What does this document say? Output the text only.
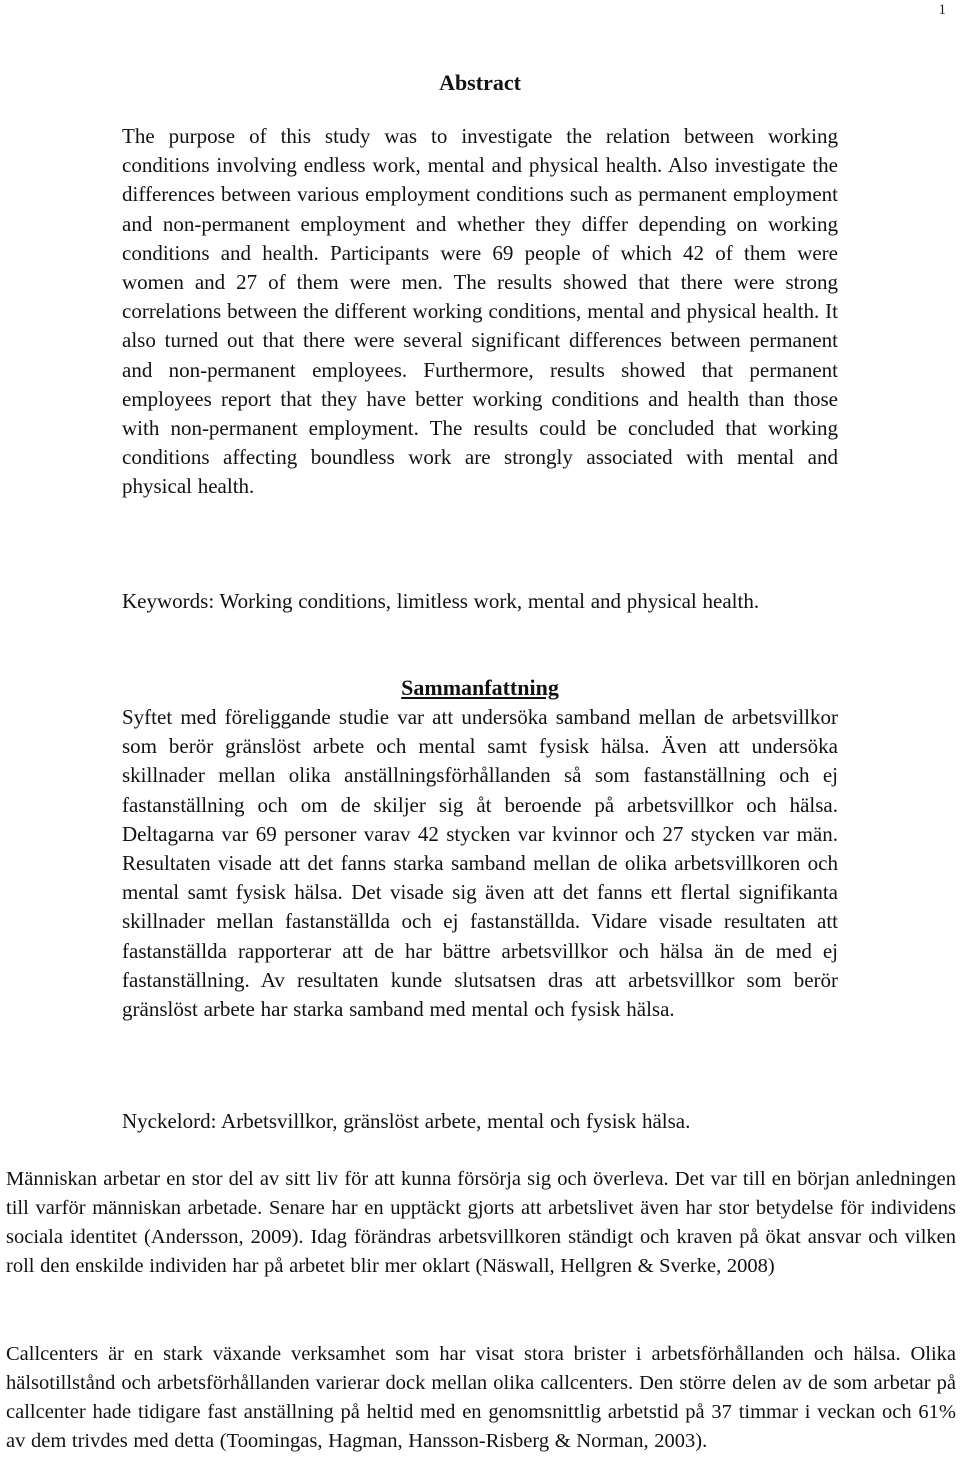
1
Abstract

The purpose of this study was to investigate the relation between working conditions involving endless work, mental and physical health. Also investigate the differences between various employment conditions such as permanent employment and non-permanent employment and whether they differ depending on working conditions and health. Participants were 69 people of which 42 of them were women and 27 of them were men. The results showed that there were strong correlations between the different working conditions, mental and physical health. It also turned out that there were several significant differences between permanent and non-permanent employees. Furthermore, results showed that permanent employees report that they have better working conditions and health than those with non-permanent employment. The results could be concluded that working conditions affecting boundless work are strongly associated with mental and physical health.

Keywords: Working conditions, limitless work, mental and physical health.

Sammanfattning

Syftet med föreliggande studie var att undersöka samband mellan de arbetsvillkor som berör gränslöst arbete och mental samt fysisk hälsa. Även att undersöka skillnader mellan olika anställningsförhållanden så som fastanställning och ej fastanställning och om de skiljer sig åt beroende på arbetsvillkor och hälsa. Deltagarna var 69 personer varav 42 stycken var kvinnor och 27 stycken var män. Resultaten visade att det fanns starka samband mellan de olika arbetsvillkoren och mental samt fysisk hälsa. Det visade sig även att det fanns ett flertal signifikanta skillnader mellan fastanställda och ej fastanställda. Vidare visade resultaten att fastanställda rapporterar att de har bättre arbetsvillkor och hälsa än de med ej fastanställning. Av resultaten kunde slutsatsen dras att arbetsvillkor som berör gränslöst arbete har starka samband med mental och fysisk hälsa.

Nyckelord: Arbetsvillkor, gränslöst arbete, mental och fysisk hälsa.

Människan arbetar en stor del av sitt liv för att kunna försörja sig och överleva. Det var till en början anledningen till varför människan arbetade. Senare har en upptäckt gjorts att arbetslivet även har stor betydelse för individens sociala identitet (Andersson, 2009). Idag förändras arbetsvillkoren ständigt och kraven på ökat ansvar och vilken roll den enskilde individen har på arbetet blir mer oklart (Näswall, Hellgren & Sverke, 2008)

Callcenters är en stark växande verksamhet som har visat stora brister i arbetsförhållanden och hälsa. Olika hälsotillstånd och arbetsförhållanden varierar dock mellan olika callcenters. Den större delen av de som arbetar på callcenter hade tidigare fast anställning på heltid med en genomsnittlig arbetstid på 37 timmar i veckan och 61% av dem trivdes med detta (Toomingas, Hagman, Hansson-Risberg & Norman, 2003).
